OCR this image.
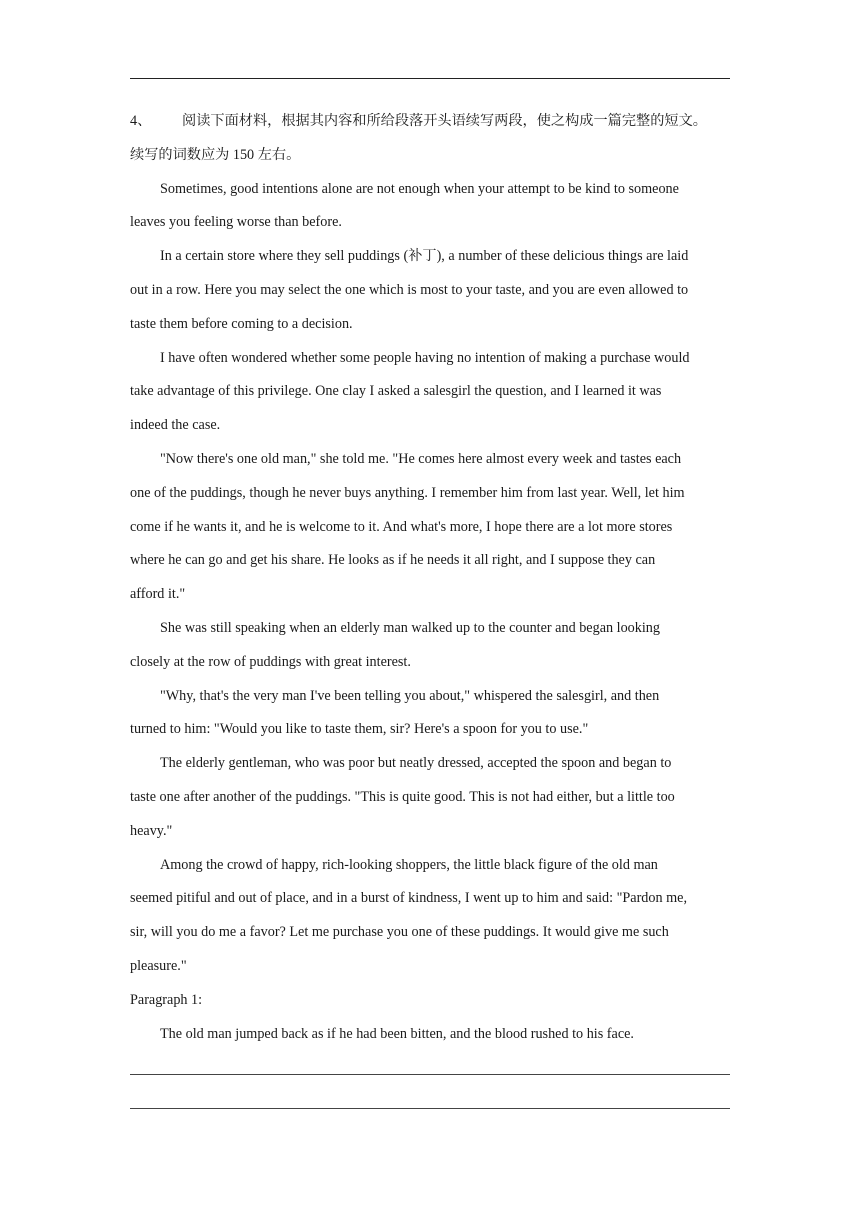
4、 阅读下面材料，根据其内容和所给段落开头语续写两段，使之构成一篇完整的短文。

续写的词数应为 150 左右。

Sometimes, good intentions alone are not enough when your attempt to be kind to someone

leaves you feeling worse than before.

In a certain store where they sell puddings (补丁), a number of these delicious things are laid

out in a row. Here you may select the one which is most to your taste, and you are even allowed to

taste them before coming to a decision.

I have often wondered whether some people having no intention of making a purchase would

take advantage of this privilege. One clay I asked a salesgirl the question, and I learned it was

indeed the case.

"Now there's one old man," she told me. "He comes here almost every week and tastes each

one of the puddings, though he never buys anything. I remember him from last year. Well, let him

come if he wants it, and he is welcome to it. And what's more, I hope there are a lot more stores

where he can go and get his share. He looks as if he needs it all right, and I suppose they can

afford it."

She was still speaking when an elderly man walked up to the counter and began looking

closely at the row of puddings with great interest.

"Why, that's the very man I've been telling you about," whispered the salesgirl, and then

turned to him: "Would you like to taste them, sir? Here's a spoon for you to use."

The elderly gentleman, who was poor but neatly dressed, accepted the spoon and began to

taste one after another of the puddings. "This is quite good. This is not had either, but a little too

heavy."

Among the crowd of happy, rich-looking shoppers, the little black figure of the old man

seemed pitiful and out of place, and in a burst of kindness, I went up to him and said: "Pardon me,

sir, will you do me a favor? Let me purchase you one of these puddings. It would give me such

pleasure."

Paragraph 1:

The old man jumped back as if he had been bitten, and the blood rushed to his face.
